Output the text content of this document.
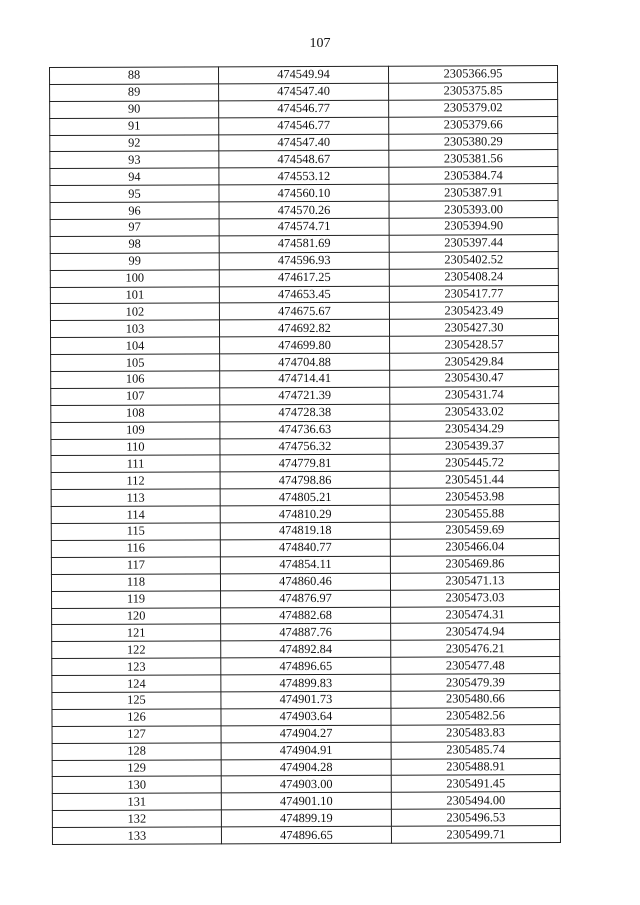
107
88	474549.94	2305366.95
89	474547.40	2305375.85
90	474546.77	2305379.02
91	474546.77	2305379.66
92	474547.40	2305380.29
93	474548.67	2305381.56
94	474553.12	2305384.74
95	474560.10	2305387.91
96	474570.26	2305393.00
97	474574.71	2305394.90
98	474581.69	2305397.44
99	474596.93	2305402.52
100	474617.25	2305408.24
101	474653.45	2305417.77
102	474675.67	2305423.49
103	474692.82	2305427.30
104	474699.80	2305428.57
105	474704.88	2305429.84
106	474714.41	2305430.47
107	474721.39	2305431.74
108	474728.38	2305433.02
109	474736.63	2305434.29
110	474756.32	2305439.37
111	474779.81	2305445.72
112	474798.86	2305451.44
113	474805.21	2305453.98
114	474810.29	2305455.88
115	474819.18	2305459.69
116	474840.77	2305466.04
117	474854.11	2305469.86
118	474860.46	2305471.13
119	474876.97	2305473.03
120	474882.68	2305474.31
121	474887.76	2305474.94
122	474892.84	2305476.21
123	474896.65	2305477.48
124	474899.83	2305479.39
125	474901.73	2305480.66
126	474903.64	2305482.56
127	474904.27	2305483.83
128	474904.91	2305485.74
129	474904.28	2305488.91
130	474903.00	2305491.45
131	474901.10	2305494.00
132	474899.19	2305496.53
133	474896.65	2305499.71
